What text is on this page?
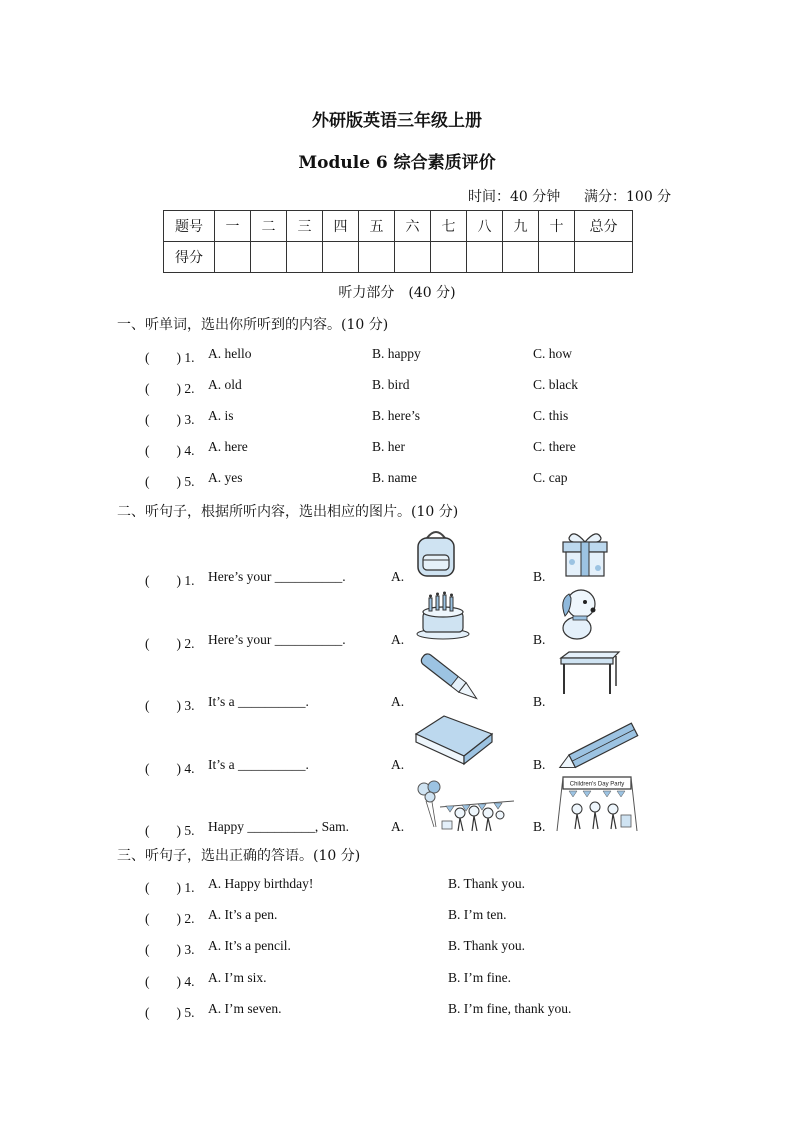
外研版英语三年级上册
Module 6 综合素质评价
时间：40 分钟 满分：100 分
题号	一	二	三	四	五	六	七	八	九	十	总分
得分											
听力部分　(40 分)
一、听单词，选出你所听到的内容。(10 分)
(　　) 1. A. hello	B. happy	C. how
(　　) 2. A. old	B. bird	C. black
(　　) 3. A. is	B. here’s	C. this
(　　) 4. A. here	B. her	C. there
(　　) 5. A. yes	B. name	C. cap
二、听句子，根据所听内容，选出相应的图片。(10 分)
(　　) 1. Here’s your __________.	A.	B.
(　　) 2. Here’s your __________.	A.	B.
(　　) 3. It’s a __________.	A.	B.
(　　) 4. It’s a __________.	A.	B.
(　　) 5. Happy __________, Sam.	A.	B.
Children's Day Party
三、听句子，选出正确的答语。(10 分)
(　　) 1. A. Happy birthday!	B. Thank you.
(　　) 2. A. It’s a pen.	B. I’m ten.
(　　) 3. A. It’s a pencil.	B. Thank you.
(　　) 4. A. I’m six.	B. I’m fine.
(　　) 5. A. I’m seven.	B. I’m fine, thank you.
